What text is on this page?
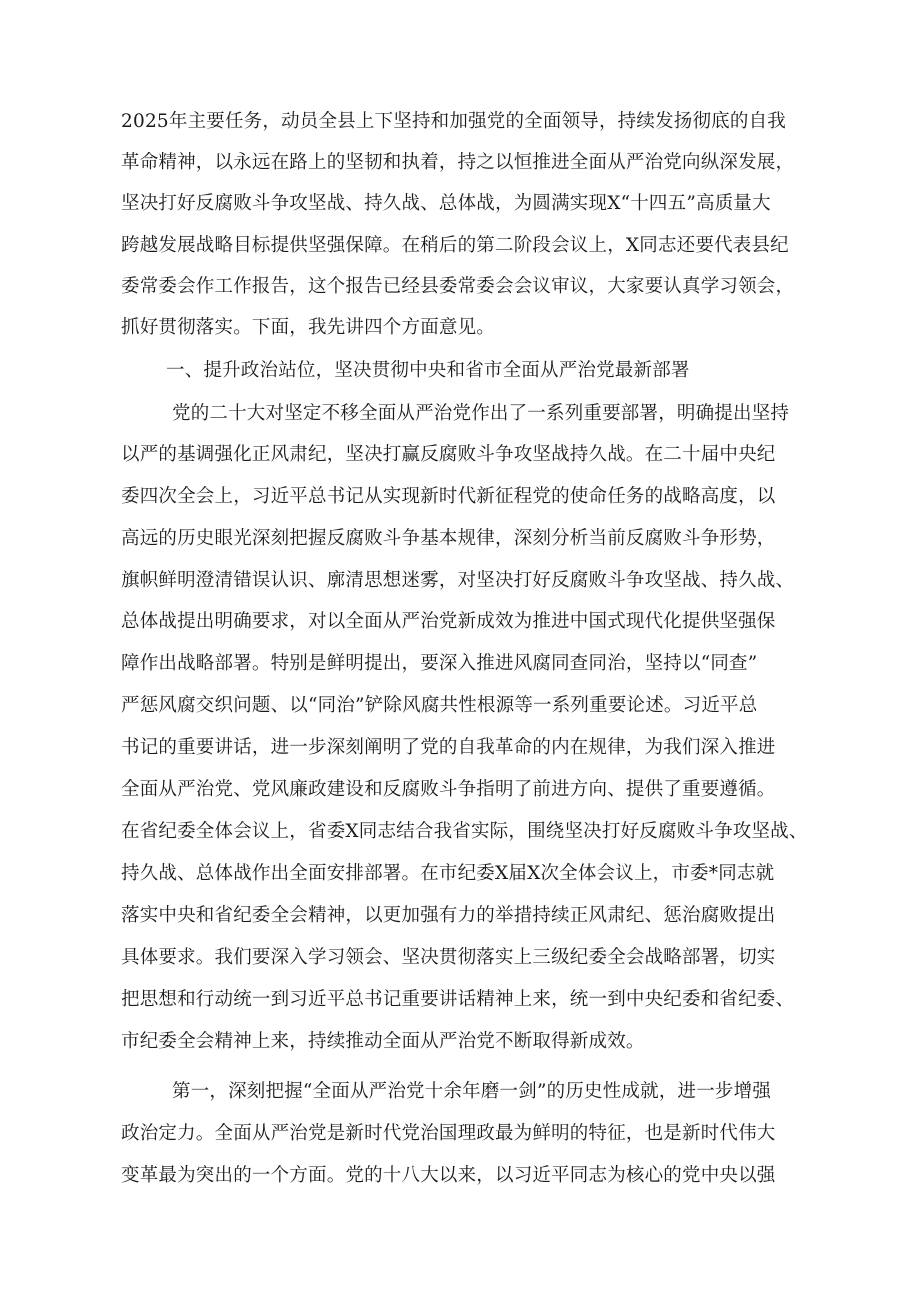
2025年主要任务，动员全县上下坚持和加强党的全面领导，持续发扬彻底的自我
革命精神，以永远在路上的坚韧和执着，持之以恒推进全面从严治党向纵深发展，
坚决打好反腐败斗争攻坚战、持久战、总体战，为圆满实现X“十四五”高质量大
跨越发展战略目标提供坚强保障。在稍后的第二阶段会议上，X同志还要代表县纪
委常委会作工作报告，这个报告已经县委常委会会议审议，大家要认真学习领会，
抓好贯彻落实。下面，我先讲四个方面意见。
一、提升政治站位，坚决贯彻中央和省市全面从严治党最新部署
党的二十大对坚定不移全面从严治党作出了一系列重要部署，明确提出坚持
以严的基调强化正风肃纪，坚决打赢反腐败斗争攻坚战持久战。在二十届中央纪
委四次全会上，习近平总书记从实现新时代新征程党的使命任务的战略高度，以
高远的历史眼光深刻把握反腐败斗争基本规律，深刻分析当前反腐败斗争形势，
旗帜鲜明澄清错误认识、廓清思想迷雾，对坚决打好反腐败斗争攻坚战、持久战、
总体战提出明确要求，对以全面从严治党新成效为推进中国式现代化提供坚强保
障作出战略部署。特别是鲜明提出，要深入推进风腐同查同治，坚持以“同查”
严惩风腐交织问题、以“同治”铲除风腐共性根源等一系列重要论述。习近平总
书记的重要讲话，进一步深刻阐明了党的自我革命的内在规律，为我们深入推进
全面从严治党、党风廉政建设和反腐败斗争指明了前进方向、提供了重要遵循。
在省纪委全体会议上，省委X同志结合我省实际，围绕坚决打好反腐败斗争攻坚战、
持久战、总体战作出全面安排部署。在市纪委X届X次全体会议上，市委*同志就
落实中央和省纪委全会精神，以更加强有力的举措持续正风肃纪、惩治腐败提出
具体要求。我们要深入学习领会、坚决贯彻落实上三级纪委全会战略部署，切实
把思想和行动统一到习近平总书记重要讲话精神上来，统一到中央纪委和省纪委、
市纪委全会精神上来，持续推动全面从严治党不断取得新成效。
第一，深刻把握“全面从严治党十余年磨一剑”的历史性成就，进一步增强
政治定力。全面从严治党是新时代党治国理政最为鲜明的特征，也是新时代伟大
变革最为突出的一个方面。党的十八大以来，以习近平同志为核心的党中央以强
